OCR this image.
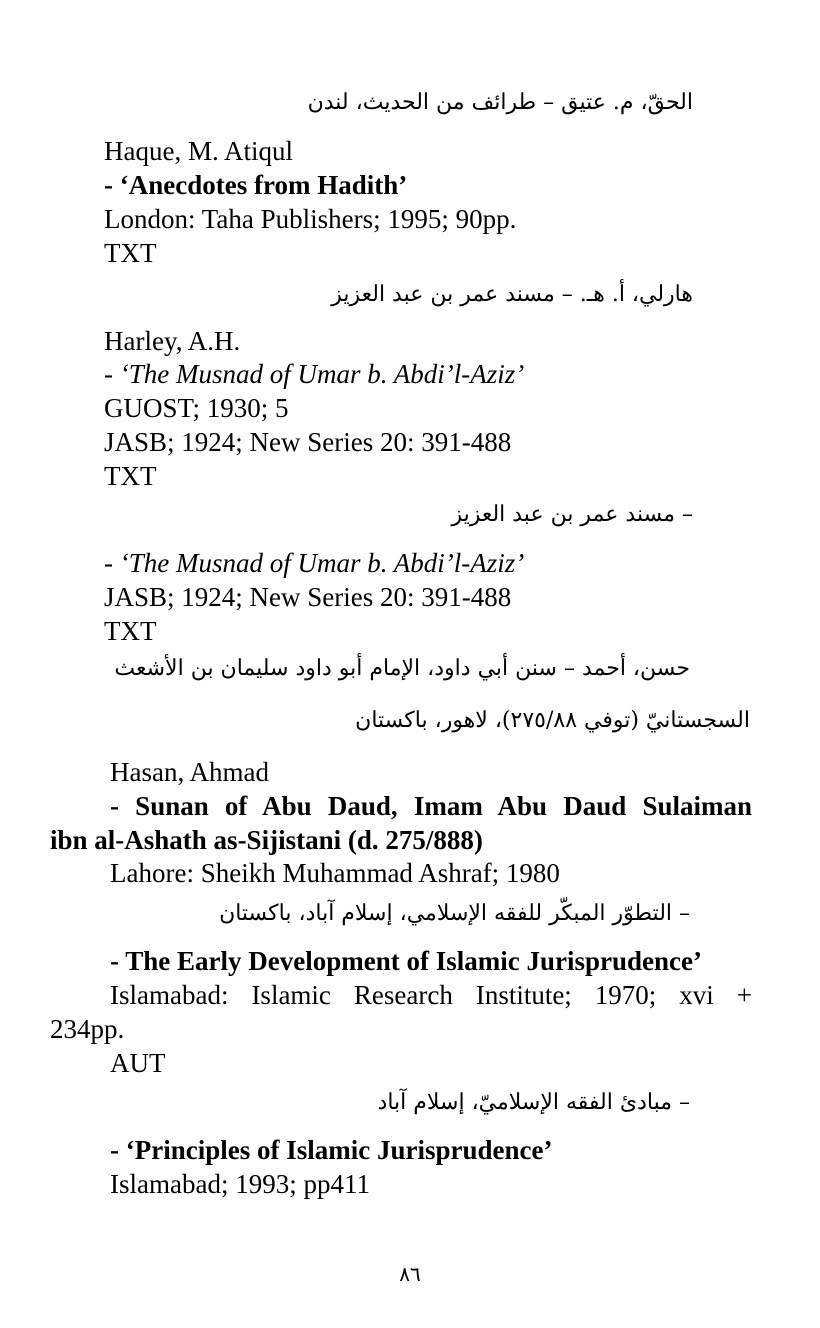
الحقّ، م. عتيق – طرائف من الحديث، لندن
Haque, M. Atiqul
- ‘Anecdotes from Hadith’
London: Taha Publishers; 1995; 90pp.
TXT
هارلي، أ. هـ. – مسند عمر بن عبد العزيز
Harley, A.H.
- ‘The Musnad of Umar b. Abdi’l-Aziz’
GUOST; 1930; 5
JASB; 1924; New Series 20: 391-488
TXT
– مسند عمر بن عبد العزيز
- ‘The Musnad of Umar b. Abdi’l-Aziz’
JASB; 1924; New Series 20: 391-488
TXT
حسن، أحمد – سنن أبي داود، الإمام أبو داود سليمان بن الأشعث
السجستانيّ (توفي ٢٧٥/٨٨)، لاهور، باكستان
Hasan, Ahmad
- Sunan of Abu Daud, Imam Abu Daud Sulaiman
ibn al-Ashath as-Sijistani (d. 275/888)
Lahore: Sheikh Muhammad Ashraf; 1980
– التطوّر المبكّر للفقه الإسلامي، إسلام آباد، باكستان
- The Early Development of Islamic Jurisprudence’
Islamabad: Islamic Research Institute; 1970; xvi +
234pp.
AUT
– مبادئ الفقه الإسلاميّ، إسلام آباد
- ‘Principles of Islamic Jurisprudence’
Islamabad; 1993; pp411
٨٦
